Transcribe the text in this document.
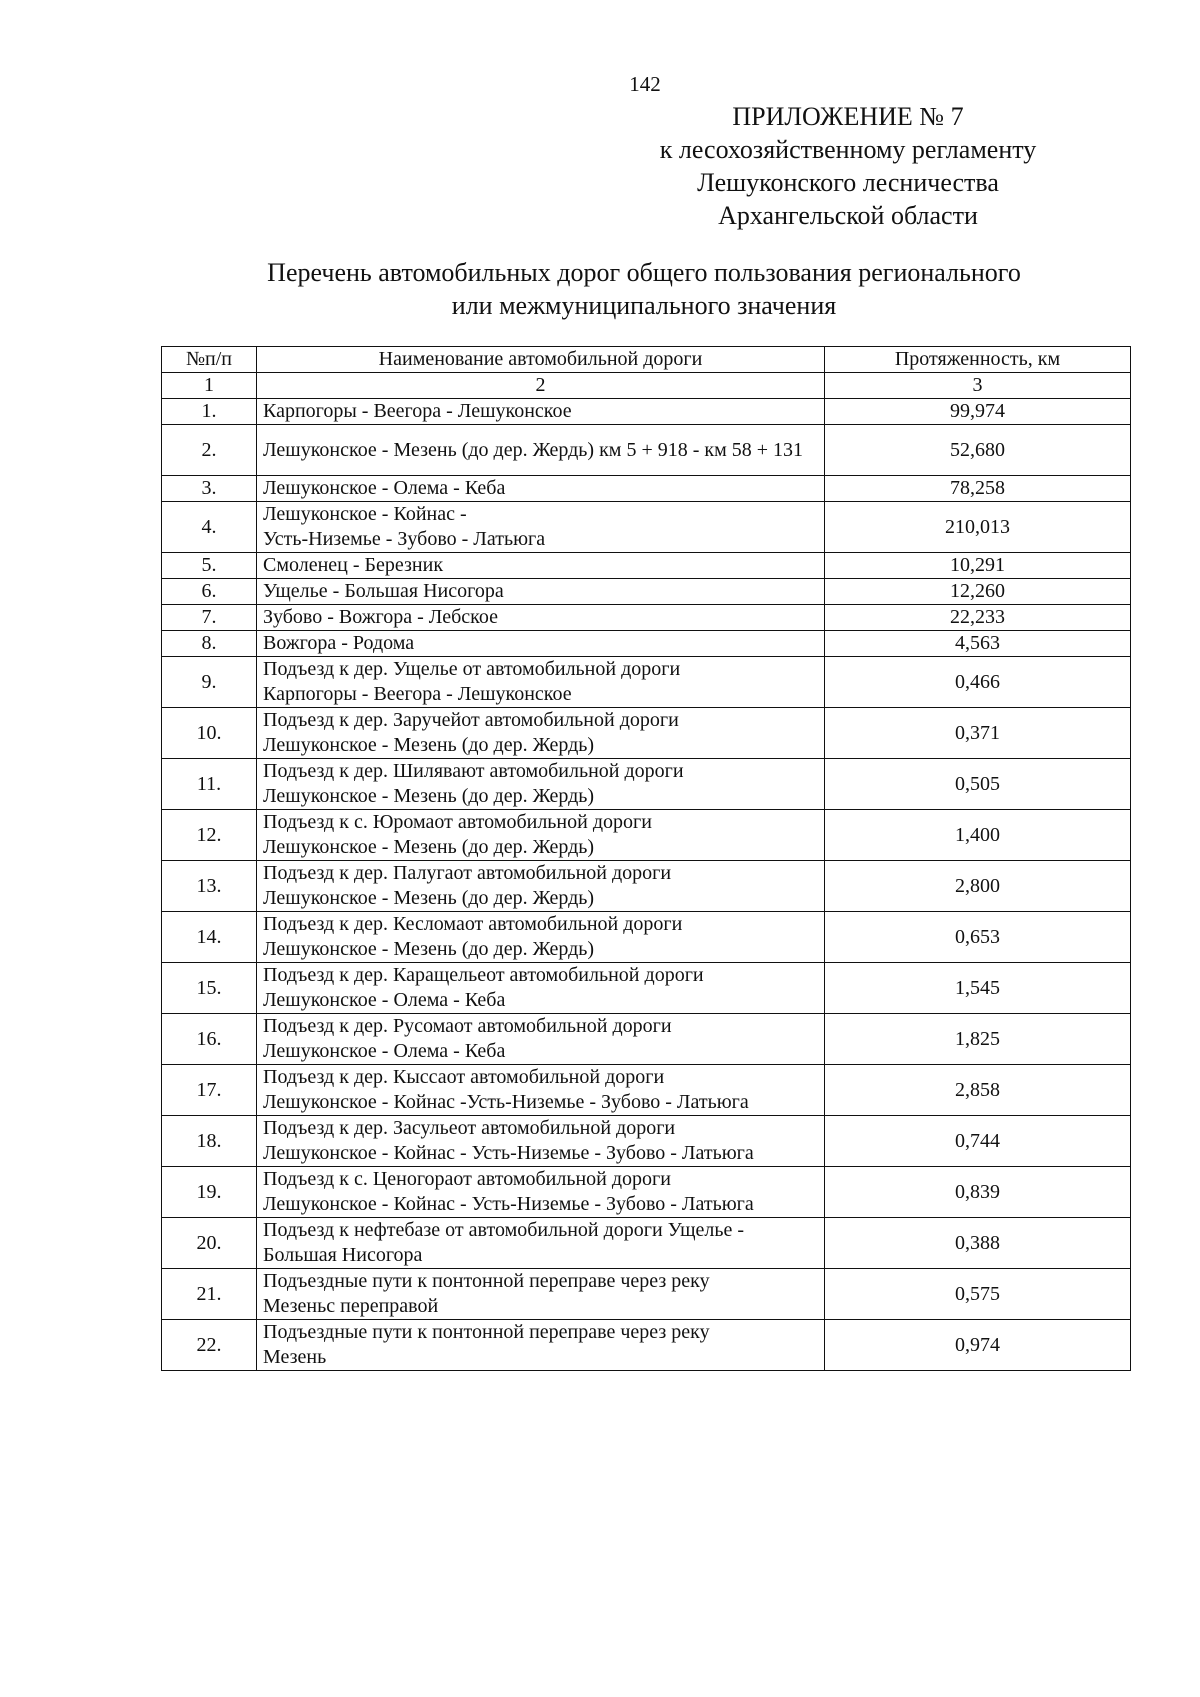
142
ПРИЛОЖЕНИЕ № 7
к лесохозяйственному регламенту
Лешуконского лесничества
Архангельской области
Перечень автомобильных дорог общего пользования регионального
или межмуниципального значения
№п/п	Наименование автомобильной дороги	Протяженность, км
1	2	3
1.	Карпогоры - Веегора - Лешуконское	99,974
2.	Лешуконское - Мезень (до дер. Жердь) км 5 + 918 - км 58 + 131	52,680
3.	Лешуконское - Олема - Кеба	78,258
4.	Лешуконское - Койнас -
Усть-Низемье - Зубово - Латьюга	210,013
5.	Смоленец - Березник	10,291
6.	Ущелье - Большая Нисогора	12,260
7.	Зубово - Вожгора - Лебское	22,233
8.	Вожгора - Родома	4,563
9.	Подъезд к дер. Ущелье от автомобильной дороги
Карпогоры - Веегора - Лешуконское	0,466
10.	Подъезд к дер. Заручейот автомобильной дороги
Лешуконское - Мезень (до дер. Жердь)	0,371
11.	Подъезд к дер. Шилявают автомобильной дороги
Лешуконское - Мезень (до дер. Жердь)	0,505
12.	Подъезд к с. Юромаот автомобильной дороги
Лешуконское - Мезень (до дер. Жердь)	1,400
13.	Подъезд к дер. Палугаот автомобильной дороги
Лешуконское - Мезень (до дер. Жердь)	2,800
14.	Подъезд к дер. Кесломаот автомобильной дороги
Лешуконское - Мезень (до дер. Жердь)	0,653
15.	Подъезд к дер. Каращельеот автомобильной дороги
Лешуконское - Олема - Кеба	1,545
16.	Подъезд к дер. Русомаот автомобильной дороги
Лешуконское - Олема - Кеба	1,825
17.	Подъезд к дер. Кыссаот автомобильной дороги
Лешуконское - Койнас -Усть-Низемье - Зубово - Латьюга	2,858
18.	Подъезд к дер. Засульеот автомобильной дороги
Лешуконское - Койнас - Усть-Низемье - Зубово - Латьюга	0,744
19.	Подъезд к с. Ценогораот автомобильной дороги
Лешуконское - Койнас - Усть-Низемье - Зубово - Латьюга	0,839
20.	Подъезд к нефтебазе от автомобильной дороги Ущелье -
Большая Нисогора	0,388
21.	Подъездные пути к понтонной переправе через реку
Мезеньс переправой	0,575
22.	Подъездные пути к понтонной переправе через реку
Мезень	0,974
